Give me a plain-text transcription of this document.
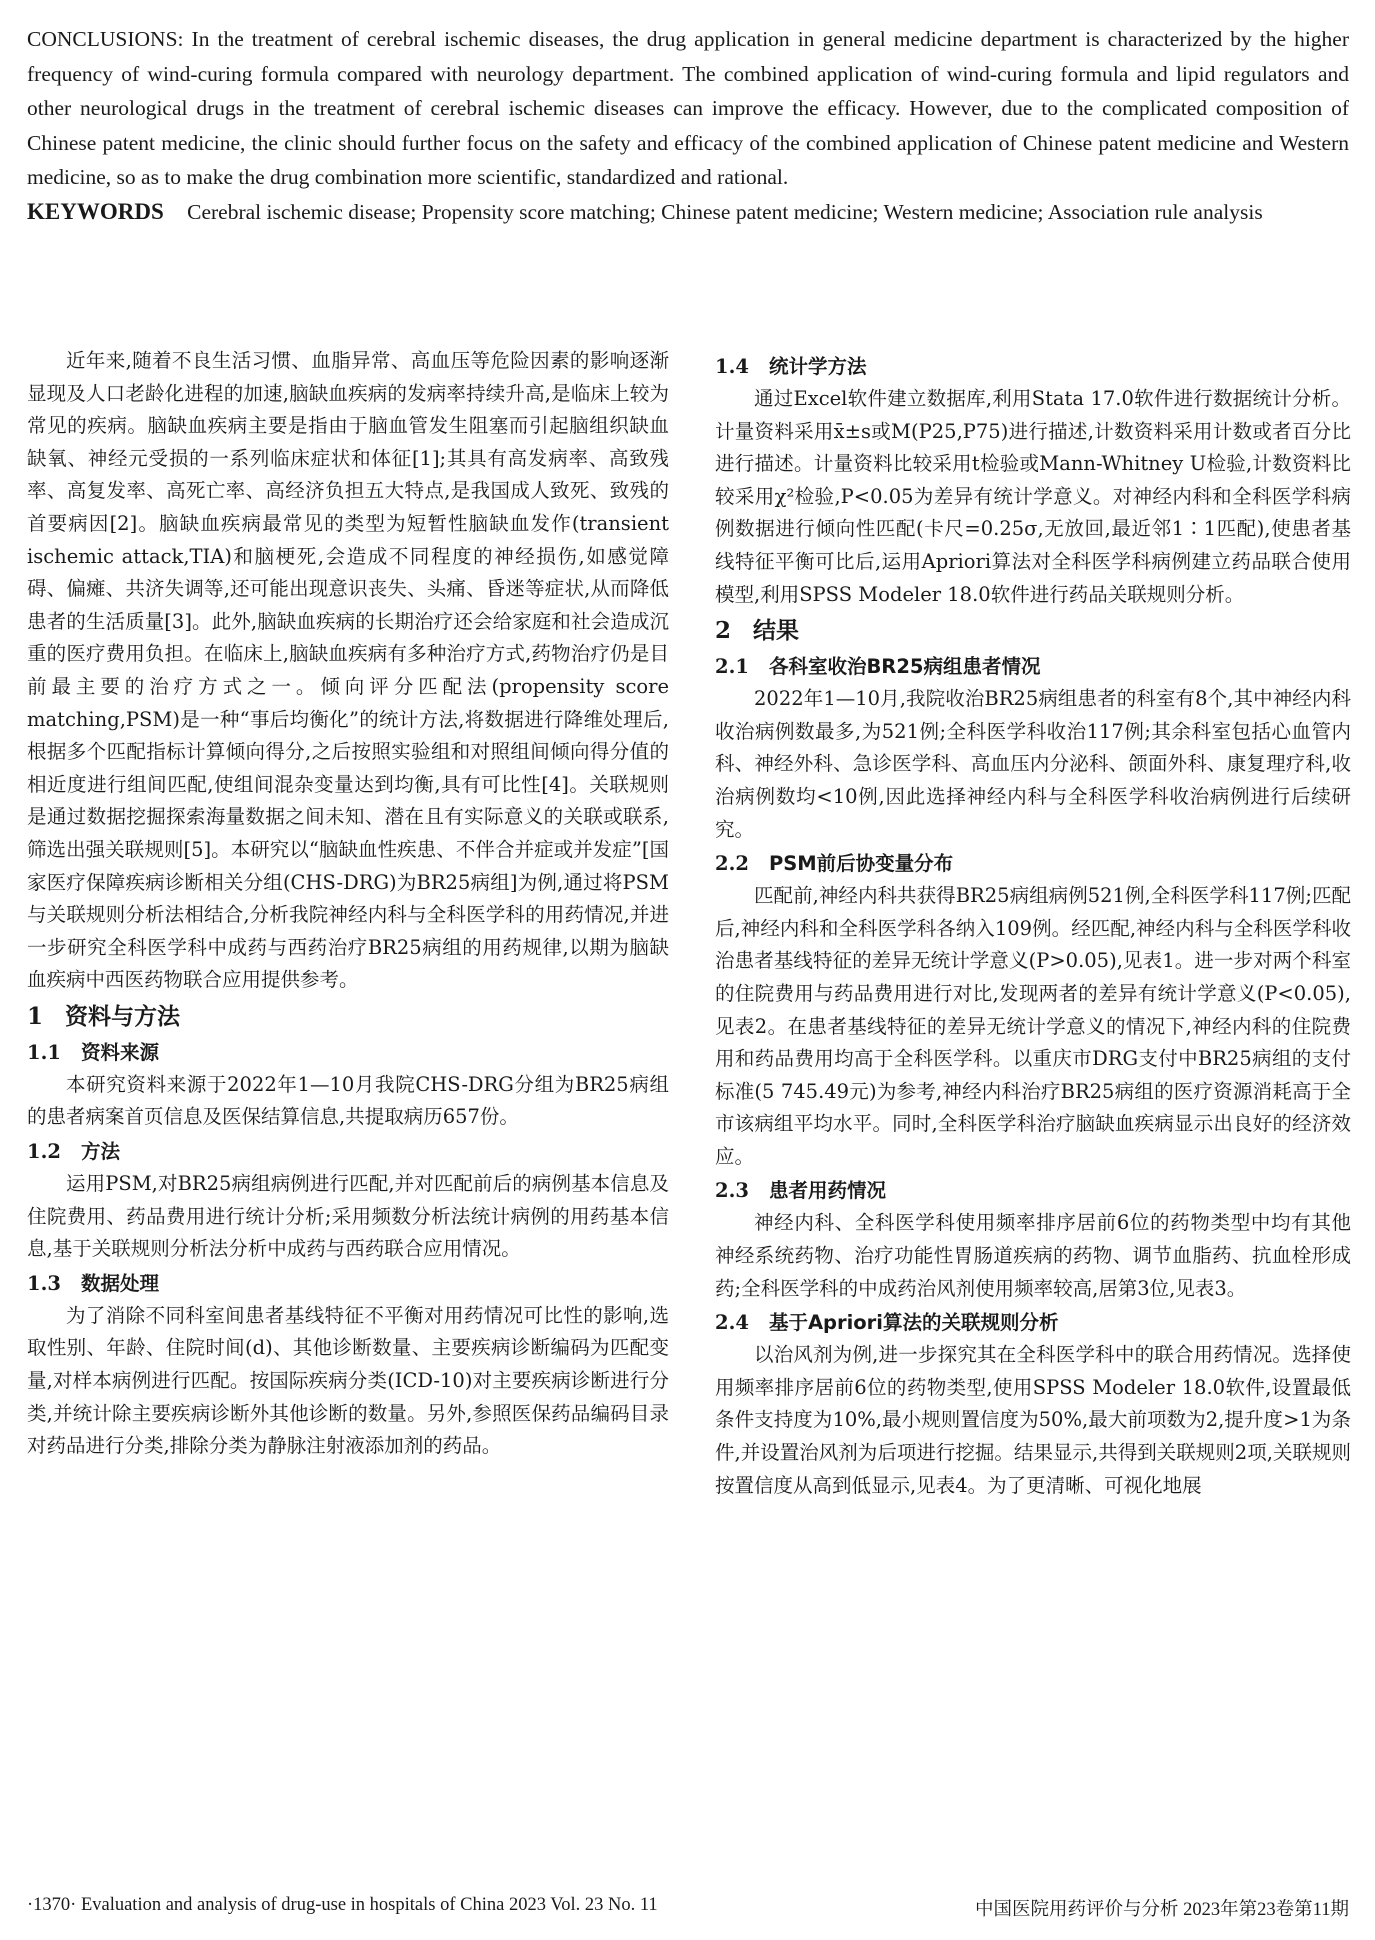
CONCLUSIONS: In the treatment of cerebral ischemic diseases, the drug application in general medicine department is characterized by the higher frequency of wind-curing formula compared with neurology department. The combined application of wind-curing formula and lipid regulators and other neurological drugs in the treatment of cerebral ischemic diseases can improve the efficacy. However, due to the complicated composition of Chinese patent medicine, the clinic should further focus on the safety and efficacy of the combined application of Chinese patent medicine and Western medicine, so as to make the drug combination more scientific, standardized and rational.

KEYWORDS Cerebral ischemic disease; Propensity score matching; Chinese patent medicine; Western medicine; Association rule analysis

近年来,随着不良生活习惯、血脂异常、高血压等危险因素的影响逐渐显现及人口老龄化进程的加速,脑缺血疾病的发病率持续升高,是临床上较为常见的疾病。脑缺血疾病主要是指由于脑血管发生阻塞而引起脑组织缺血缺氧、神经元受损的一系列临床症状和体征[1];其具有高发病率、高致残率、高复发率、高死亡率、高经济负担五大特点,是我国成人致死、致残的首要病因[2]。脑缺血疾病最常见的类型为短暂性脑缺血发作(transient ischemic attack,TIA)和脑梗死,会造成不同程度的神经损伤,如感觉障碍、偏瘫、共济失调等,还可能出现意识丧失、头痛、昏迷等症状,从而降低患者的生活质量[3]。此外,脑缺血疾病的长期治疗还会给家庭和社会造成沉重的医疗费用负担。在临床上,脑缺血疾病有多种治疗方式,药物治疗仍是目前最主要的治疗方式之一。倾向评分匹配法(propensity score matching,PSM)是一种“事后均衡化”的统计方法,将数据进行降维处理后,根据多个匹配指标计算倾向得分,之后按照实验组和对照组间倾向得分值的相近度进行组间匹配,使组间混杂变量达到均衡,具有可比性[4]。关联规则是通过数据挖掘探索海量数据之间未知、潜在且有实际意义的关联或联系,筛选出强关联规则[5]。本研究以“脑缺血性疾患、不伴合并症或并发症”[国家医疗保障疾病诊断相关分组(CHS-DRG)为BR25病组]为例,通过将PSM与关联规则分析法相结合,分析我院神经内科与全科医学科的用药情况,并进一步研究全科医学科中成药与西药治疗BR25病组的用药规律,以期为脑缺血疾病中西医药物联合应用提供参考。

1 资料与方法
1.1 资料来源

本研究资料来源于2022年1—10月我院CHS-DRG分组为BR25病组的患者病案首页信息及医保结算信息,共提取病历657份。

1.2 方法

运用PSM,对BR25病组病例进行匹配,并对匹配前后的病例基本信息及住院费用、药品费用进行统计分析;采用频数分析法统计病例的用药基本信息,基于关联规则分析法分析中成药与西药联合应用情况。

1.3 数据处理

为了消除不同科室间患者基线特征不平衡对用药情况可比性的影响,选取性别、年龄、住院时间(d)、其他诊断数量、主要疾病诊断编码为匹配变量,对样本病例进行匹配。按国际疾病分类(ICD-10)对主要疾病诊断进行分类,并统计除主要疾病诊断外其他诊断的数量。另外,参照医保药品编码目录对药品进行分类,排除分类为静脉注射液添加剂的药品。

1.4 统计学方法

通过Excel软件建立数据库,利用Stata 17.0软件进行数据统计分析。计量资料采用x̄±s或M(P25,P75)进行描述,计数资料采用计数或者百分比进行描述。计量资料比较采用t检验或Mann-Whitney U检验,计数资料比较采用χ²检验,P<0.05为差异有统计学意义。对神经内科和全科医学科病例数据进行倾向性匹配(卡尺=0.25σ,无放回,最近邻1∶1匹配),使患者基线特征平衡可比后,运用Apriori算法对全科医学科病例建立药品联合使用模型,利用SPSS Modeler 18.0软件进行药品关联规则分析。

2 结果
2.1 各科室收治BR25病组患者情况

2022年1—10月,我院收治BR25病组患者的科室有8个,其中神经内科收治病例数最多,为521例;全科医学科收治117例;其余科室包括心血管内科、神经外科、急诊医学科、高血压内分泌科、颌面外科、康复理疗科,收治病例数均<10例,因此选择神经内科与全科医学科收治病例进行后续研究。

2.2 PSM前后协变量分布

匹配前,神经内科共获得BR25病组病例521例,全科医学科117例;匹配后,神经内科和全科医学科各纳入109例。经匹配,神经内科与全科医学科收治患者基线特征的差异无统计学意义(P>0.05),见表1。进一步对两个科室的住院费用与药品费用进行对比,发现两者的差异有统计学意义(P<0.05),见表2。在患者基线特征的差异无统计学意义的情况下,神经内科的住院费用和药品费用均高于全科医学科。以重庆市DRG支付中BR25病组的支付标准(5 745.49元)为参考,神经内科治疗BR25病组的医疗资源消耗高于全市该病组平均水平。同时,全科医学科治疗脑缺血疾病显示出良好的经济效应。

2.3 患者用药情况

神经内科、全科医学科使用频率排序居前6位的药物类型中均有其他神经系统药物、治疗功能性胃肠道疾病的药物、调节血脂药、抗血栓形成药;全科医学科的中成药治风剂使用频率较高,居第3位,见表3。

2.4 基于Apriori算法的关联规则分析

以治风剂为例,进一步探究其在全科医学科中的联合用药情况。选择使用频率排序居前6位的药物类型,使用SPSS Modeler 18.0软件,设置最低条件支持度为10%,最小规则置信度为50%,最大前项数为2,提升度>1为条件,并设置治风剂为后项进行挖掘。结果显示,共得到关联规则2项,关联规则按置信度从高到低显示,见表4。为了更清晰、可视化地展

·1370· Evaluation and analysis of drug-use in hospitals of China 2023 Vol. 23 No. 11	中国医院用药评价与分析 2023年第23卷第11期
